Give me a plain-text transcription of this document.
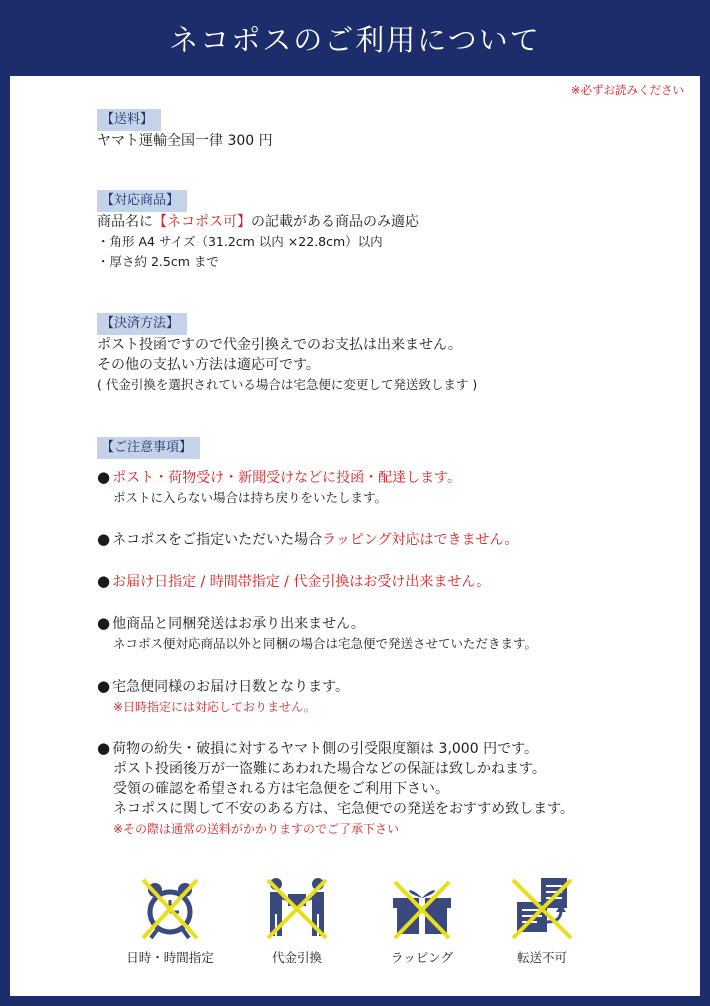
ネコポスのご利用について
※必ずお読みください
【送料】
ヤマト運輸全国一律 300 円
【対応商品】
商品名に【ネコポス可】の記載がある商品のみ適応
・角形 A4 サイズ（31.2cm 以内 ×22.8cm）以内
・厚さ約 2.5cm まで
【決済方法】
ポスト投函ですので代金引換えでのお支払は出来ません。
その他の支払い方法は適応可です。
( 代金引換を選択されている場合は宅急便に変更して発送致します )
【ご注意事項】
● ポスト・荷物受け・新聞受けなどに投函・配達します。
ポストに入らない場合は持ち戻りをいたします。
● ネコポスをご指定いただいた場合ラッピング対応はできません。
● お届け日指定 / 時間帯指定 / 代金引換はお受け出来ません。
● 他商品と同梱発送はお承り出来ません。
ネコポス便対応商品以外と同梱の場合は宅急便で発送させていただきます。
● 宅急便同様のお届け日数となります。
※日時指定には対応しておりません。
● 荷物の紛失・破損に対するヤマト側の引受限度額は 3,000 円です。
ポスト投函後万が一盗難にあわれた場合などの保証は致しかねます。
受領の確認を希望される方は宅急便をご利用下さい。
ネコポスに関して不安のある方は、宅急便での発送をおすすめ致します。
※その際は通常の送料がかかりますのでご了承下さい
日時・時間指定	代金引換	ラッピング	転送不可
